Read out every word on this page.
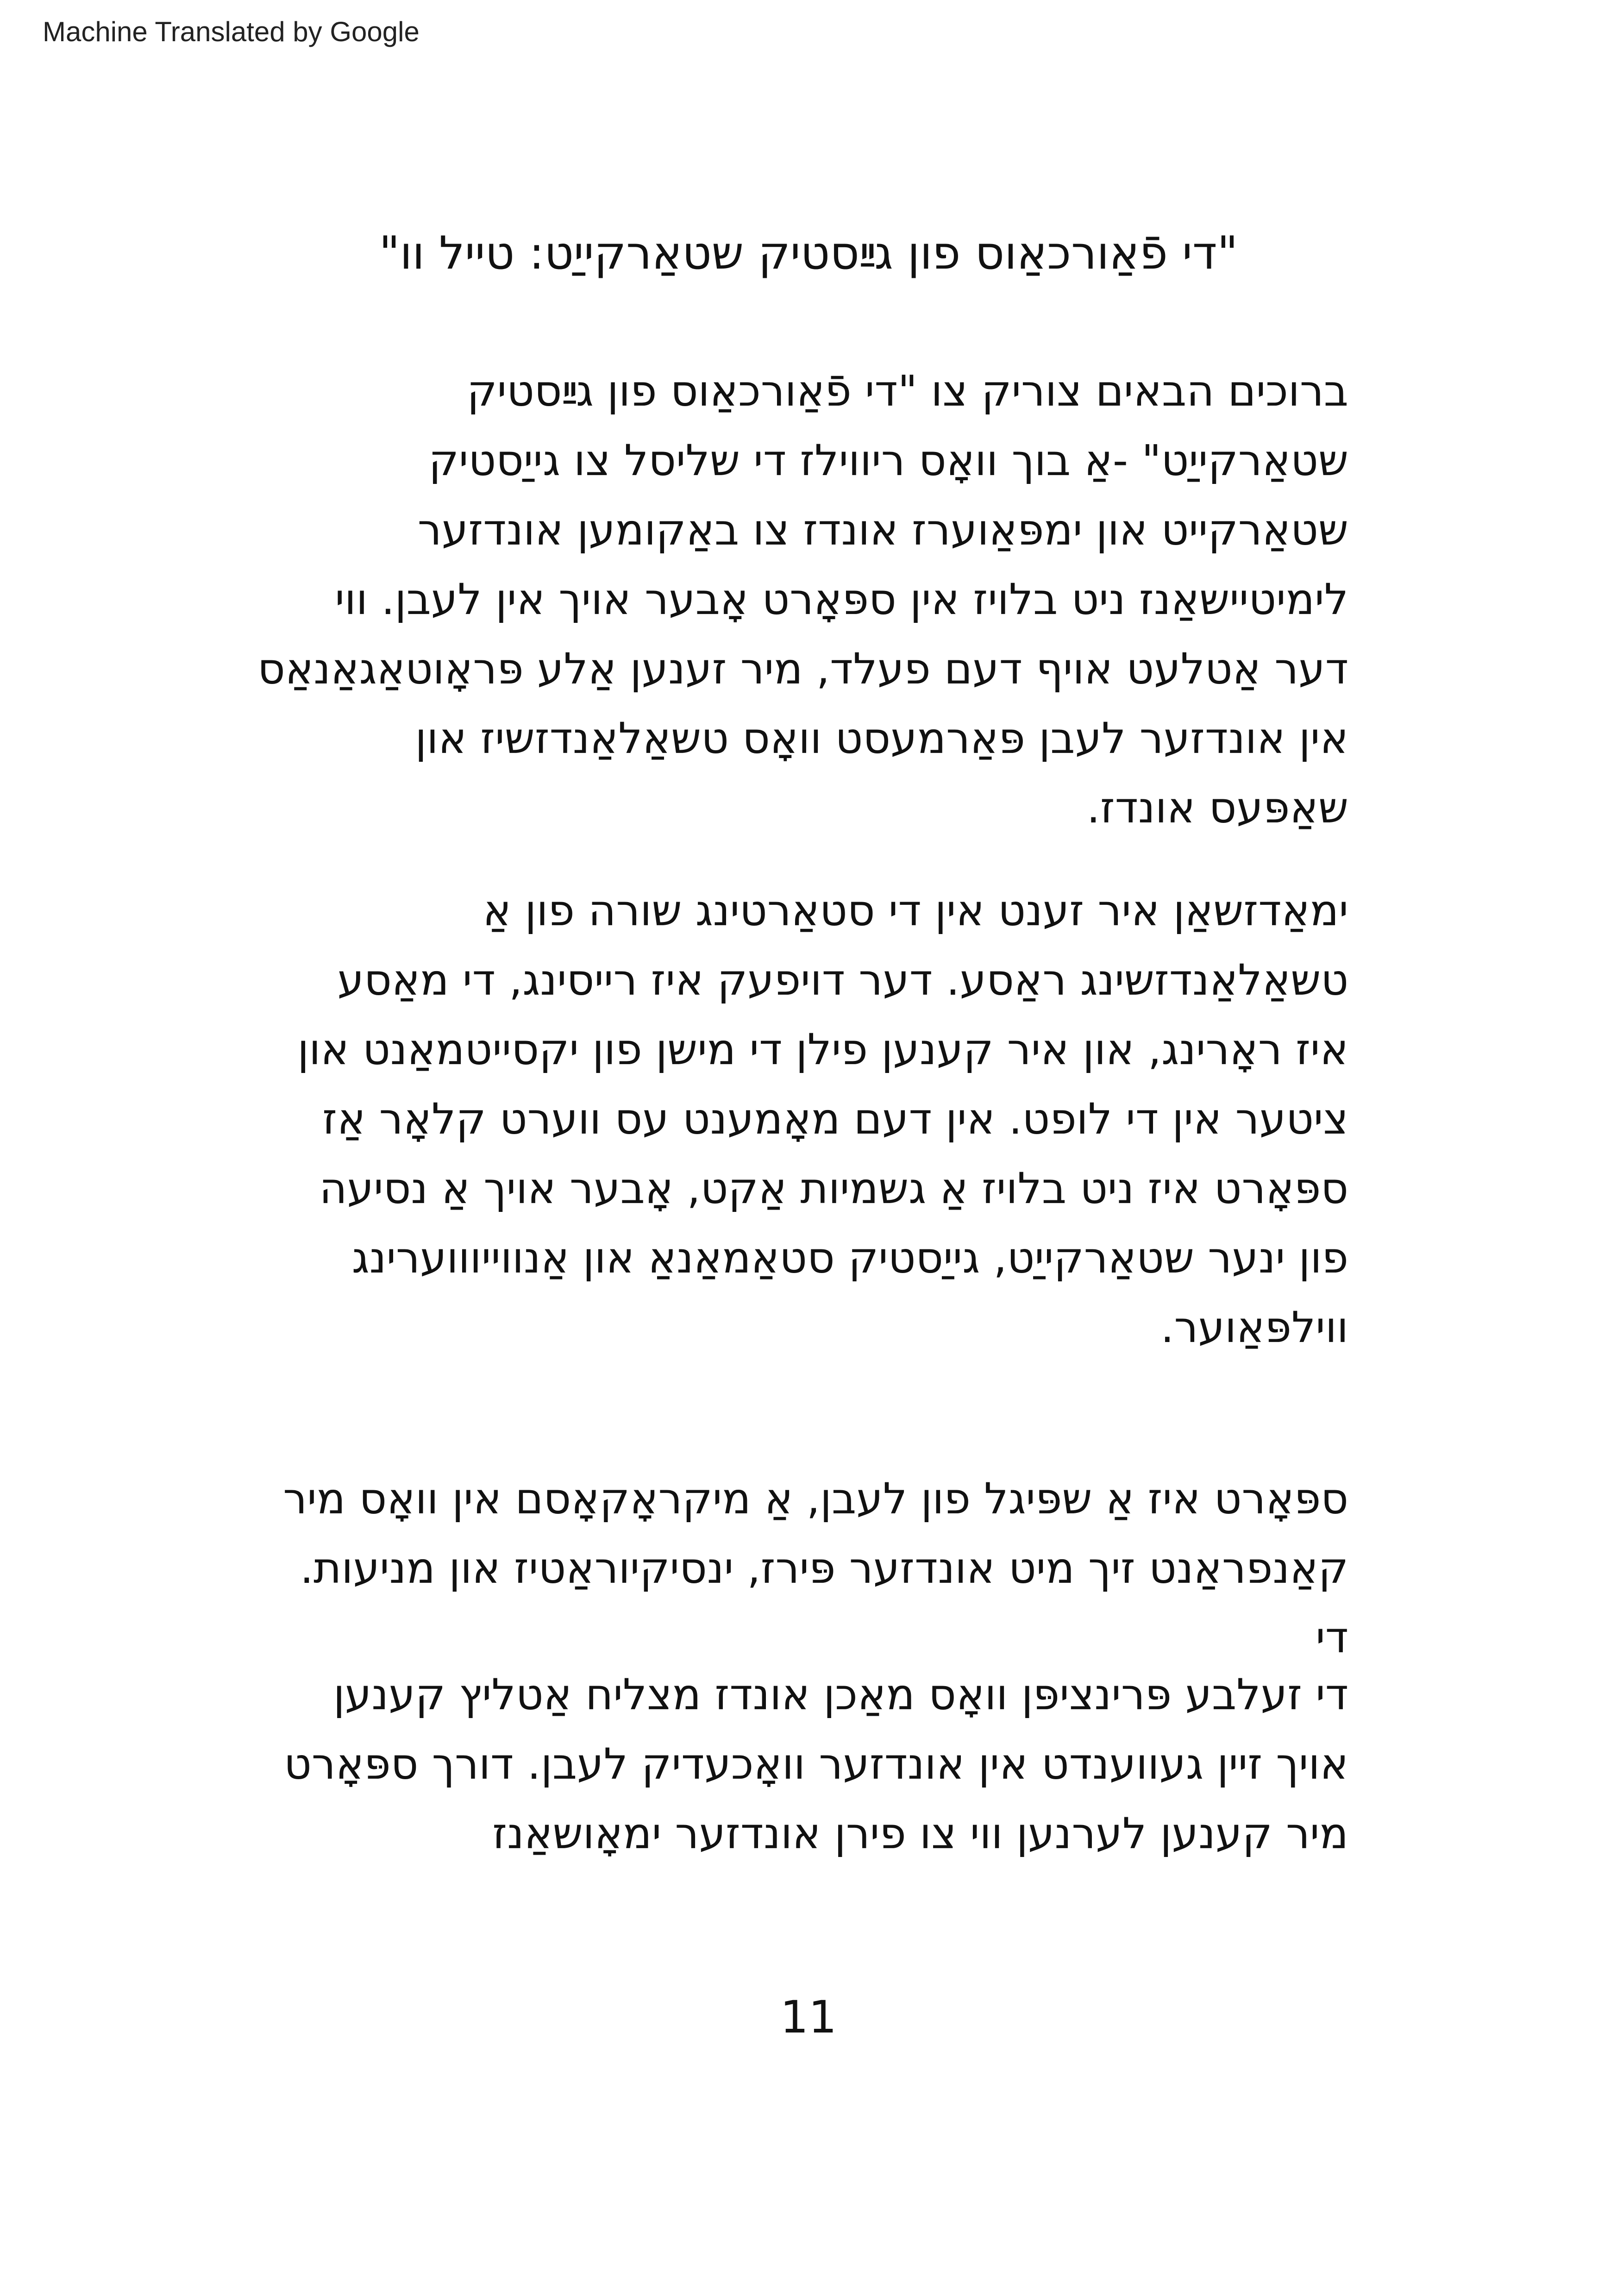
Machine Translated by Google
"די פֿאַורכאַוס פון גײַסטיק שטאַרקייַט: טייל וו"
ברוכים הבאים צוריק צו "די פֿאַורכאַוס פון גײַסטיק
שטאַרקייַט" -אַ בוך וואָס ריווילז די שליסל צו גייַסטיק
שטאַרקייט און ימפּאַוערז אונדז צו באַקומען אונדזער
לימיטיישאַנז ניט בלויז אין ספּאָרט אָבער אויך אין לעבן. ווי
דער אַטלעט אויף דעם פעלד, מיר זענען אַלע פּראָוטאַגאַנאַס
אין אונדזער לעבן פּאַרמעסט וואָס טשאַלאַנדזשיז און
שאַפּעס אונדז.
ימאַדזשאַן איר זענט אין די סטאַרטינג שורה פון אַ
טשאַלאַנדזשינג ראַסע. דער דויפעק איז רייסינג, די מאַסע
איז ראָרינג, און איר קענען פילן די מישן פון יקסייטמאַנט און
ציטער אין די לופט. אין דעם מאָמענט עס ווערט קלאָר אַז
ספּאָרט איז ניט בלויז אַ גשמיות אַקט, אָבער אויך אַ נסיעה
פון ינער שטאַרקייַט, גייַסטיק סטאַמאַנאַ און אַנווייוווערינג
ווילפּאַוער.
ספּאָרט איז אַ שפּיגל פון לעבן, אַ מיקראָקאָסם אין וואָס מיר
קאַנפראַנט זיך מיט אונדזער פּירז, ינסיקיוראַטיז און מניעות.
די
די זעלבע פּרינציפּן וואָס מאַכן אונדז מצליח אַטליץ קענען
אויך זיין געווענדט אין אונדזער וואָכעדיק לעבן. דורך ספּאָרט
מיר קענען לערנען ווי צו פירן אונדזער ימאָושאַנז
11
